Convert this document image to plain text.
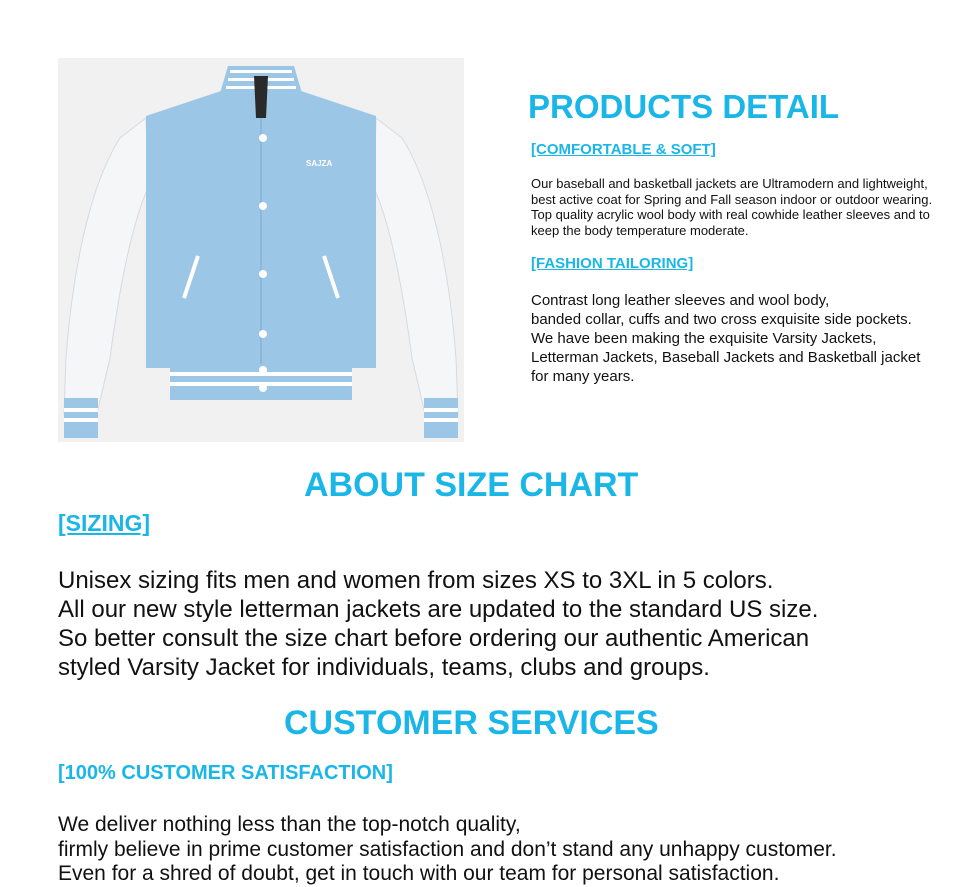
SAJZA
PRODUCTS DETAIL
[COMFORTABLE & SOFT]
Our baseball and basketball jackets are Ultramodern and lightweight,
best active coat for Spring and Fall season indoor or outdoor wearing.
Top quality acrylic wool body with real cowhide leather sleeves and to
keep the body temperature moderate.
[FASHION TAILORING]
Contrast long leather sleeves and wool body,
banded collar, cuffs and two cross exquisite side pockets.
We have been making the exquisite Varsity Jackets,
Letterman Jackets, Baseball Jackets and Basketball jacket
for many years.
ABOUT SIZE CHART
[SIZING]
Unisex sizing fits men and women from sizes XS to 3XL in 5 colors.
All our new style letterman jackets are updated to the standard US size.
So better consult the size chart before ordering our authentic American
styled Varsity Jacket for individuals, teams, clubs and groups.
CUSTOMER SERVICES
[100% CUSTOMER SATISFACTION]
We deliver nothing less than the top-notch quality,
firmly believe in prime customer satisfaction and don’t stand any unhappy customer.
Even for a shred of doubt, get in touch with our team for personal satisfaction.
